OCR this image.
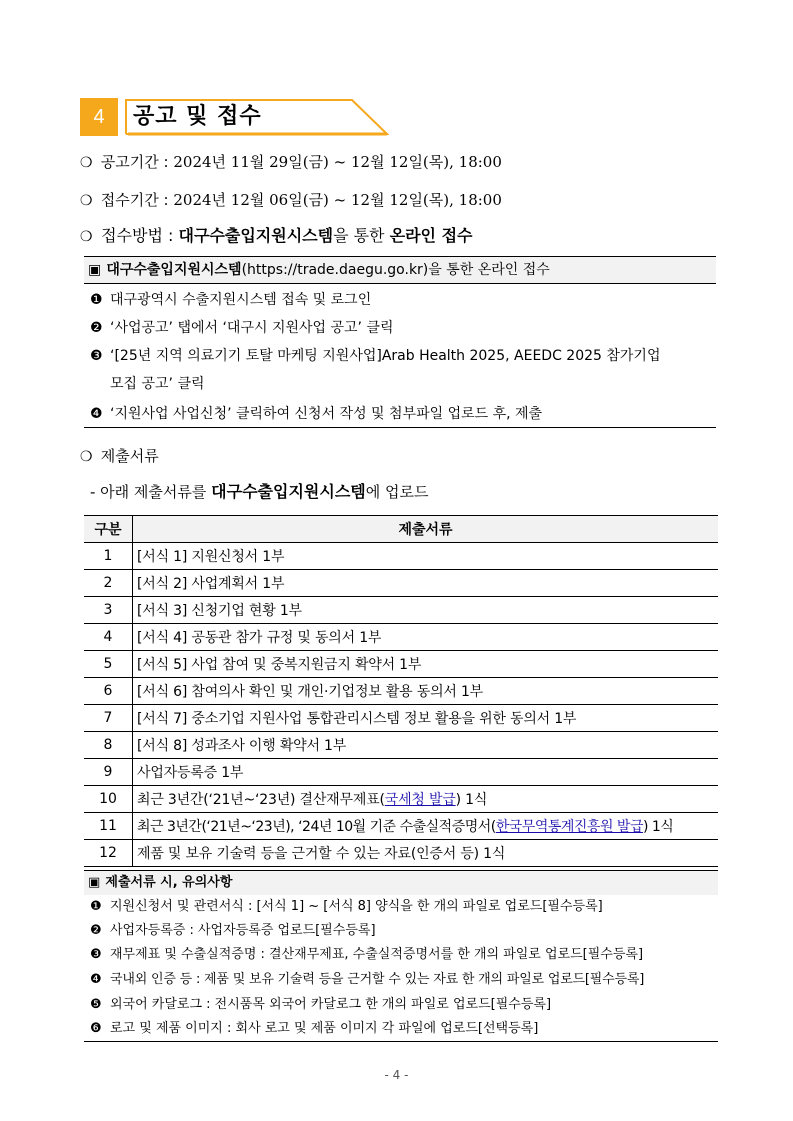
4	공고 및 접수
❍ 공고기간 : 2024년 11월 29일(금) ~ 12월 12일(목), 18:00
❍ 접수기간 : 2024년 12월 06일(금) ~ 12월 12일(목), 18:00
❍ 접수방법 : 대구수출입지원시스템을 통한 온라인 접수
▣ 대구수출입지원시스템(https://trade.daegu.go.kr)을 통한 온라인 접수
❶ 대구광역시 수출지원시스템 접속 및 로그인
❷ ‘사업공고’ 탭에서 ‘대구시 지원사업 공고’ 클릭
❸ ‘[25년 지역 의료기기 토탈 마케팅 지원사업]Arab Health 2025, AEEDC 2025 참가기업
모집 공고’ 클릭
❹ ‘지원사업 사업신청’ 클릭하여 신청서 작성 및 첨부파일 업로드 후, 제출
❍ 제출서류
- 아래 제출서류를 대구수출입지원시스템에 업로드
구분	제출서류
1	[서식 1] 지원신청서 1부
2	[서식 2] 사업계획서 1부
3	[서식 3] 신청기업 현황 1부
4	[서식 4] 공동관 참가 규정 및 동의서 1부
5	[서식 5] 사업 참여 및 중복지원금지 확약서 1부
6	[서식 6] 참여의사 확인 및 개인·기업정보 활용 동의서 1부
7	[서식 7] 중소기업 지원사업 통합관리시스템 정보 활용을 위한 동의서 1부
8	[서식 8] 성과조사 이행 확약서 1부
9	사업자등록증 1부
10	최근 3년간(‘21년~‘23년) 결산재무제표(국세청 발급) 1식
11	최근 3년간(‘21년~‘23년), ‘24년 10월 기준 수출실적증명서(한국무역통계진흥원 발급) 1식
12	제품 및 보유 기술력 등을 근거할 수 있는 자료(인증서 등) 1식
▣ 제출서류 시, 유의사항
❶ 지원신청서 및 관련서식 : [서식 1] ~ [서식 8] 양식을 한 개의 파일로 업로드[필수등록]
❷ 사업자등록증 : 사업자등록증 업로드[필수등록]
❸ 재무제표 및 수출실적증명 : 결산재무제표, 수출실적증명서를 한 개의 파일로 업로드[필수등록]
❹ 국내외 인증 등 : 제품 및 보유 기술력 등을 근거할 수 있는 자료 한 개의 파일로 업로드[필수등록]
❺ 외국어 카달로그 : 전시품목 외국어 카달로그 한 개의 파일로 업로드[필수등록]
❻ 로고 및 제품 이미지 : 회사 로고 및 제품 이미지 각 파일에 업로드[선택등록]
- 4 -
